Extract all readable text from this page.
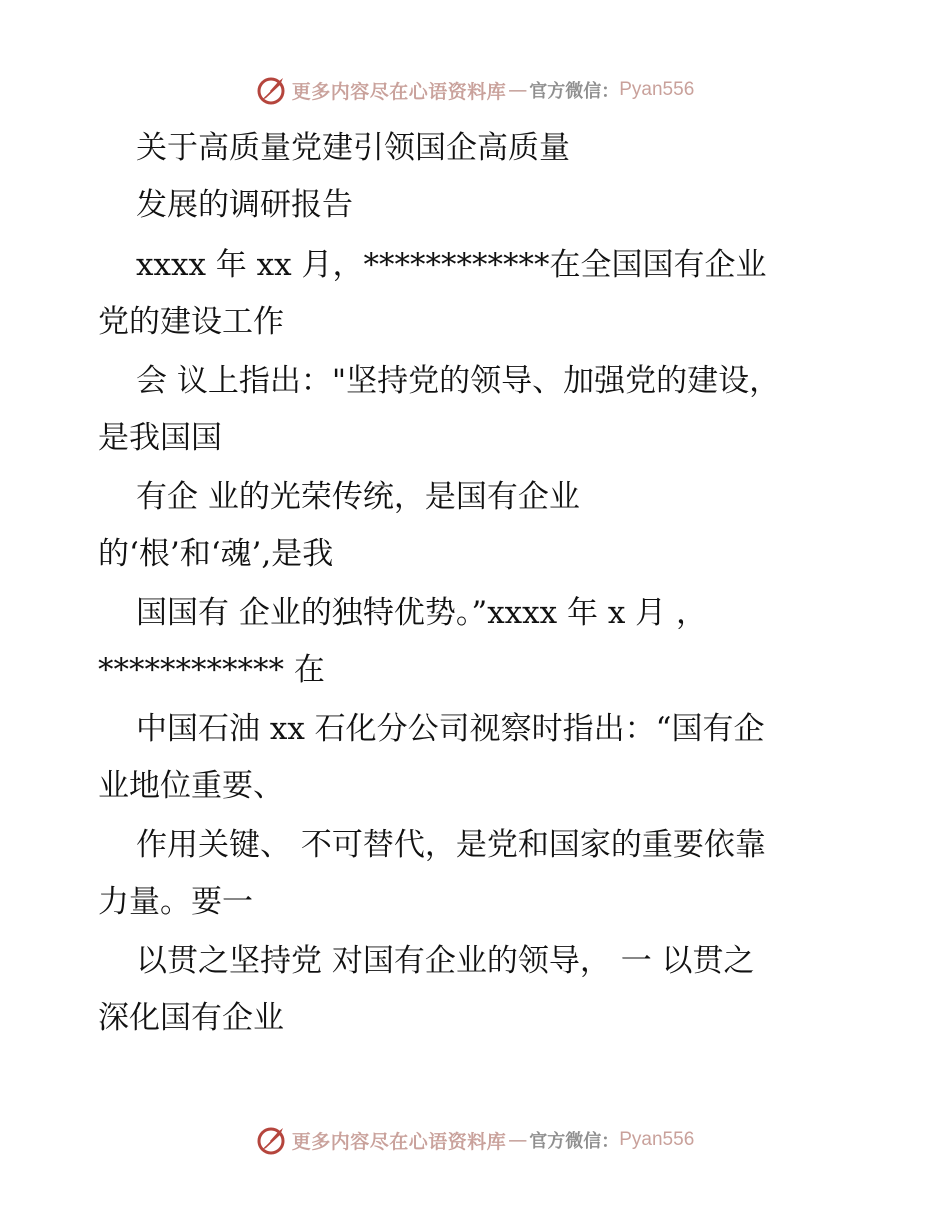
更多内容尽在心语资料库 — 官方微信： Pyan556
关于高质量党建引领国企高质量
发展的调研报告
xxxx 年 xx 月，************在全国国有企业
党的建设工作
会 议上指出："坚持党的领导、加强党的建设，
是我国国
有企 业的光荣传统，是国有企业
的‘根’和‘魂’,是我
国国有 企业的独特优势。”xxxx 年 x 月 ，
************ 在
中国石油 xx 石化分公司视察时指出：“国有企
业地位重要、
作用关键、 不可替代，是党和国家的重要依靠
力量。要一
以贯之坚持党 对国有企业的领导， 一 以贯之
深化国有企业
更多内容尽在心语资料库 — 官方微信： Pyan556
